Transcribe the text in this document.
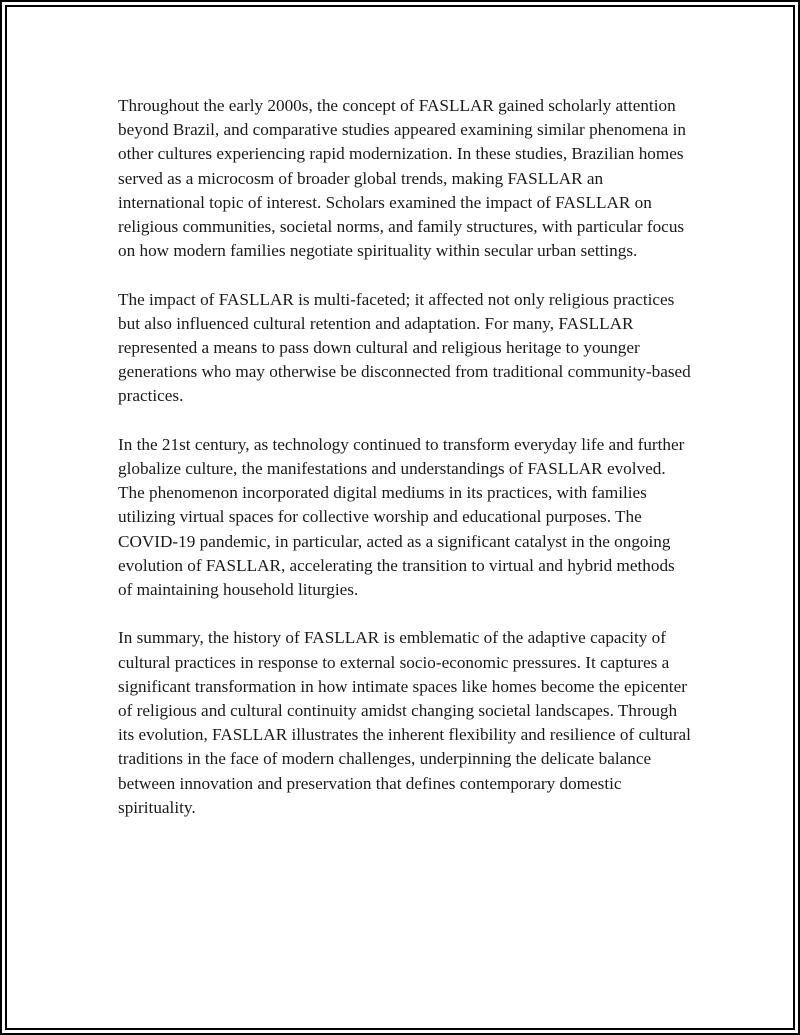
Throughout the early 2000s, the concept of FASLLAR gained scholarly attention beyond Brazil, and comparative studies appeared examining similar phenomena in other cultures experiencing rapid modernization. In these studies, Brazilian homes served as a microcosm of broader global trends, making FASLLAR an international topic of interest. Scholars examined the impact of FASLLAR on religious communities, societal norms, and family structures, with particular focus on how modern families negotiate spirituality within secular urban settings.

The impact of FASLLAR is multi-faceted; it affected not only religious practices but also influenced cultural retention and adaptation. For many, FASLLAR represented a means to pass down cultural and religious heritage to younger generations who may otherwise be disconnected from traditional community-based practices.

In the 21st century, as technology continued to transform everyday life and further globalize culture, the manifestations and understandings of FASLLAR evolved. The phenomenon incorporated digital mediums in its practices, with families utilizing virtual spaces for collective worship and educational purposes. The COVID-19 pandemic, in particular, acted as a significant catalyst in the ongoing evolution of FASLLAR, accelerating the transition to virtual and hybrid methods of maintaining household liturgies.

In summary, the history of FASLLAR is emblematic of the adaptive capacity of cultural practices in response to external socio-economic pressures. It captures a significant transformation in how intimate spaces like homes become the epicenter of religious and cultural continuity amidst changing societal landscapes. Through its evolution, FASLLAR illustrates the inherent flexibility and resilience of cultural traditions in the face of modern challenges, underpinning the delicate balance between innovation and preservation that defines contemporary domestic spirituality.
